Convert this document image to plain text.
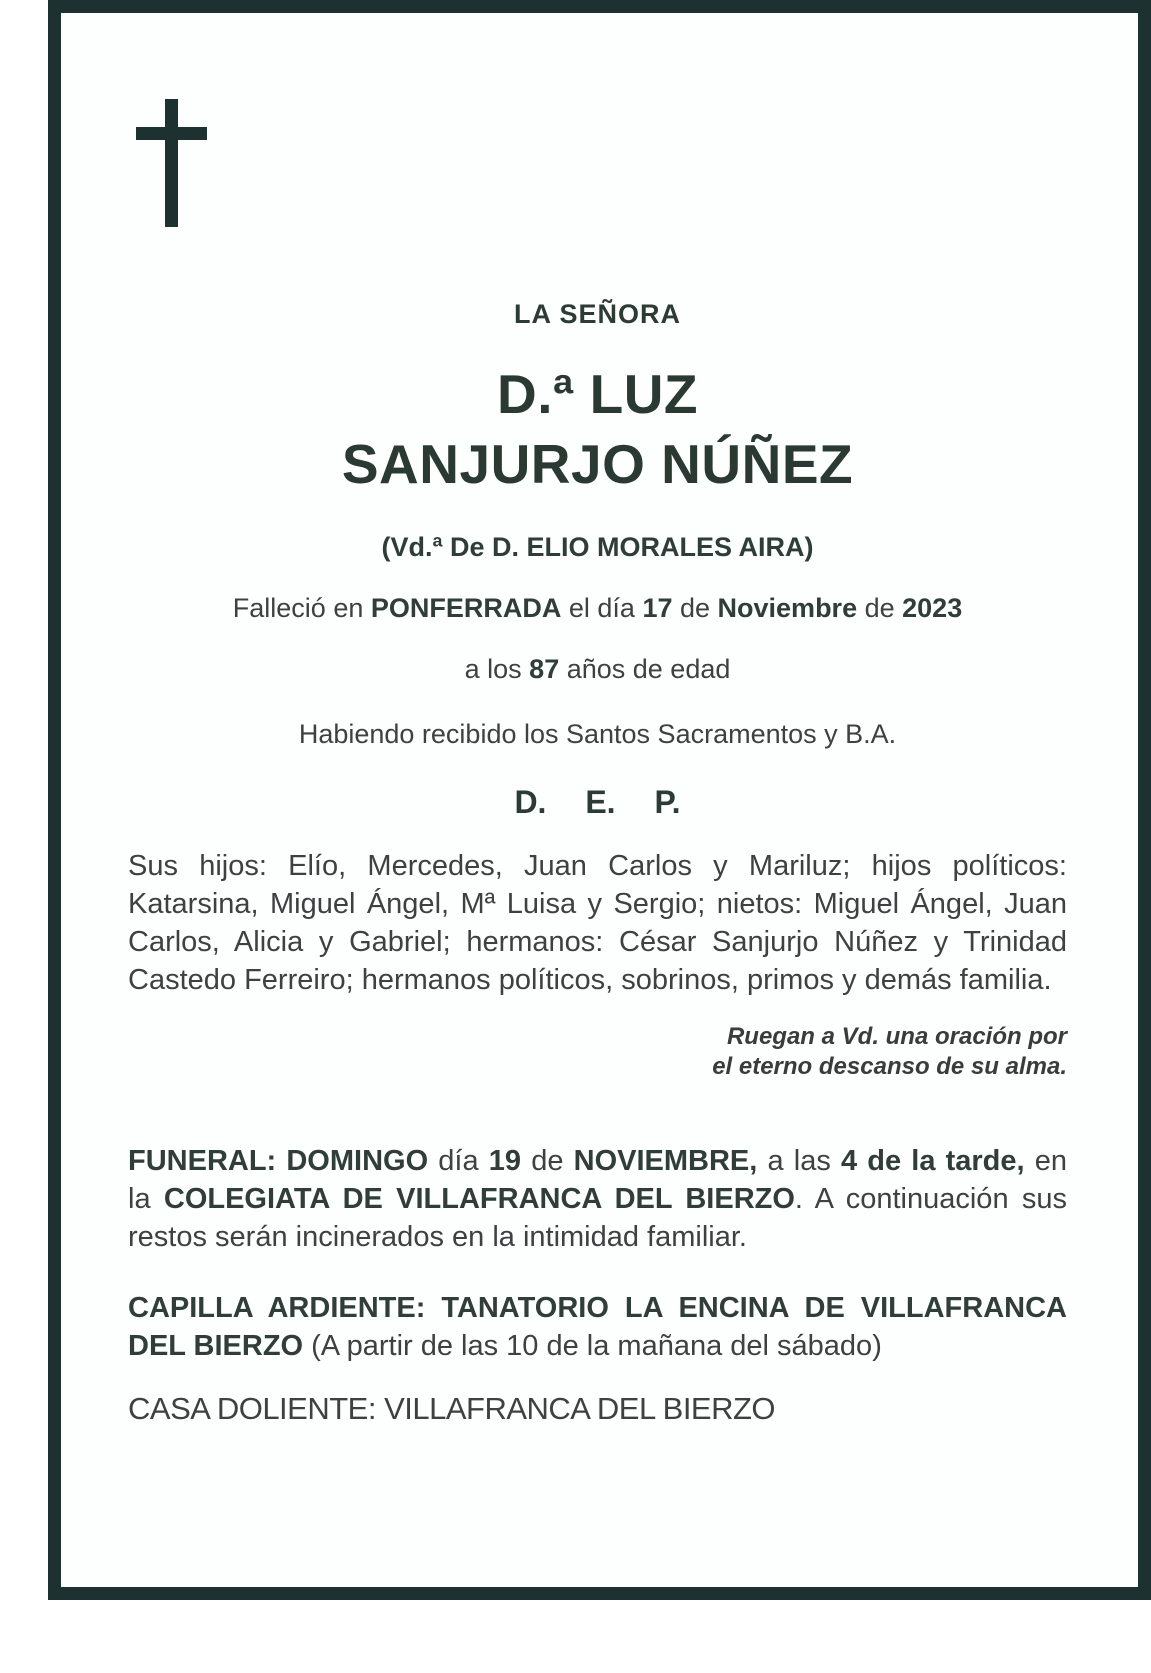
LA SEÑORA
D.ª LUZ
SANJURJO NÚÑEZ
(Vd.ª De D. ELIO MORALES AIRA)

Falleció en PONFERRADA el día 17 de Noviembre de 2023

a los 87 años de edad

Habiendo recibido los Santos Sacramentos y B.A.

D. E. P.

Sus hijos: Elío, Mercedes, Juan Carlos y Mariluz; hijos políticos: Katarsina, Miguel Ángel, Mª Luisa y Sergio; nietos: Miguel Ángel, Juan Carlos, Alicia y Gabriel; hermanos: César Sanjurjo Núñez y Trinidad Castedo Ferreiro; hermanos políticos, sobrinos, primos y demás familia.

Ruegan a Vd. una oración por
el eterno descanso de su alma.

FUNERAL: DOMINGO día 19 de NOVIEMBRE, a las 4 de la tarde, en la COLEGIATA DE VILLAFRANCA DEL BIERZO. A continuación sus restos serán incinerados en la intimidad familiar.

CAPILLA ARDIENTE: TANATORIO LA ENCINA DE VILLAFRANCA DEL BIERZO (A partir de las 10 de la mañana del sábado)

CASA DOLIENTE: VILLAFRANCA DEL BIERZO
